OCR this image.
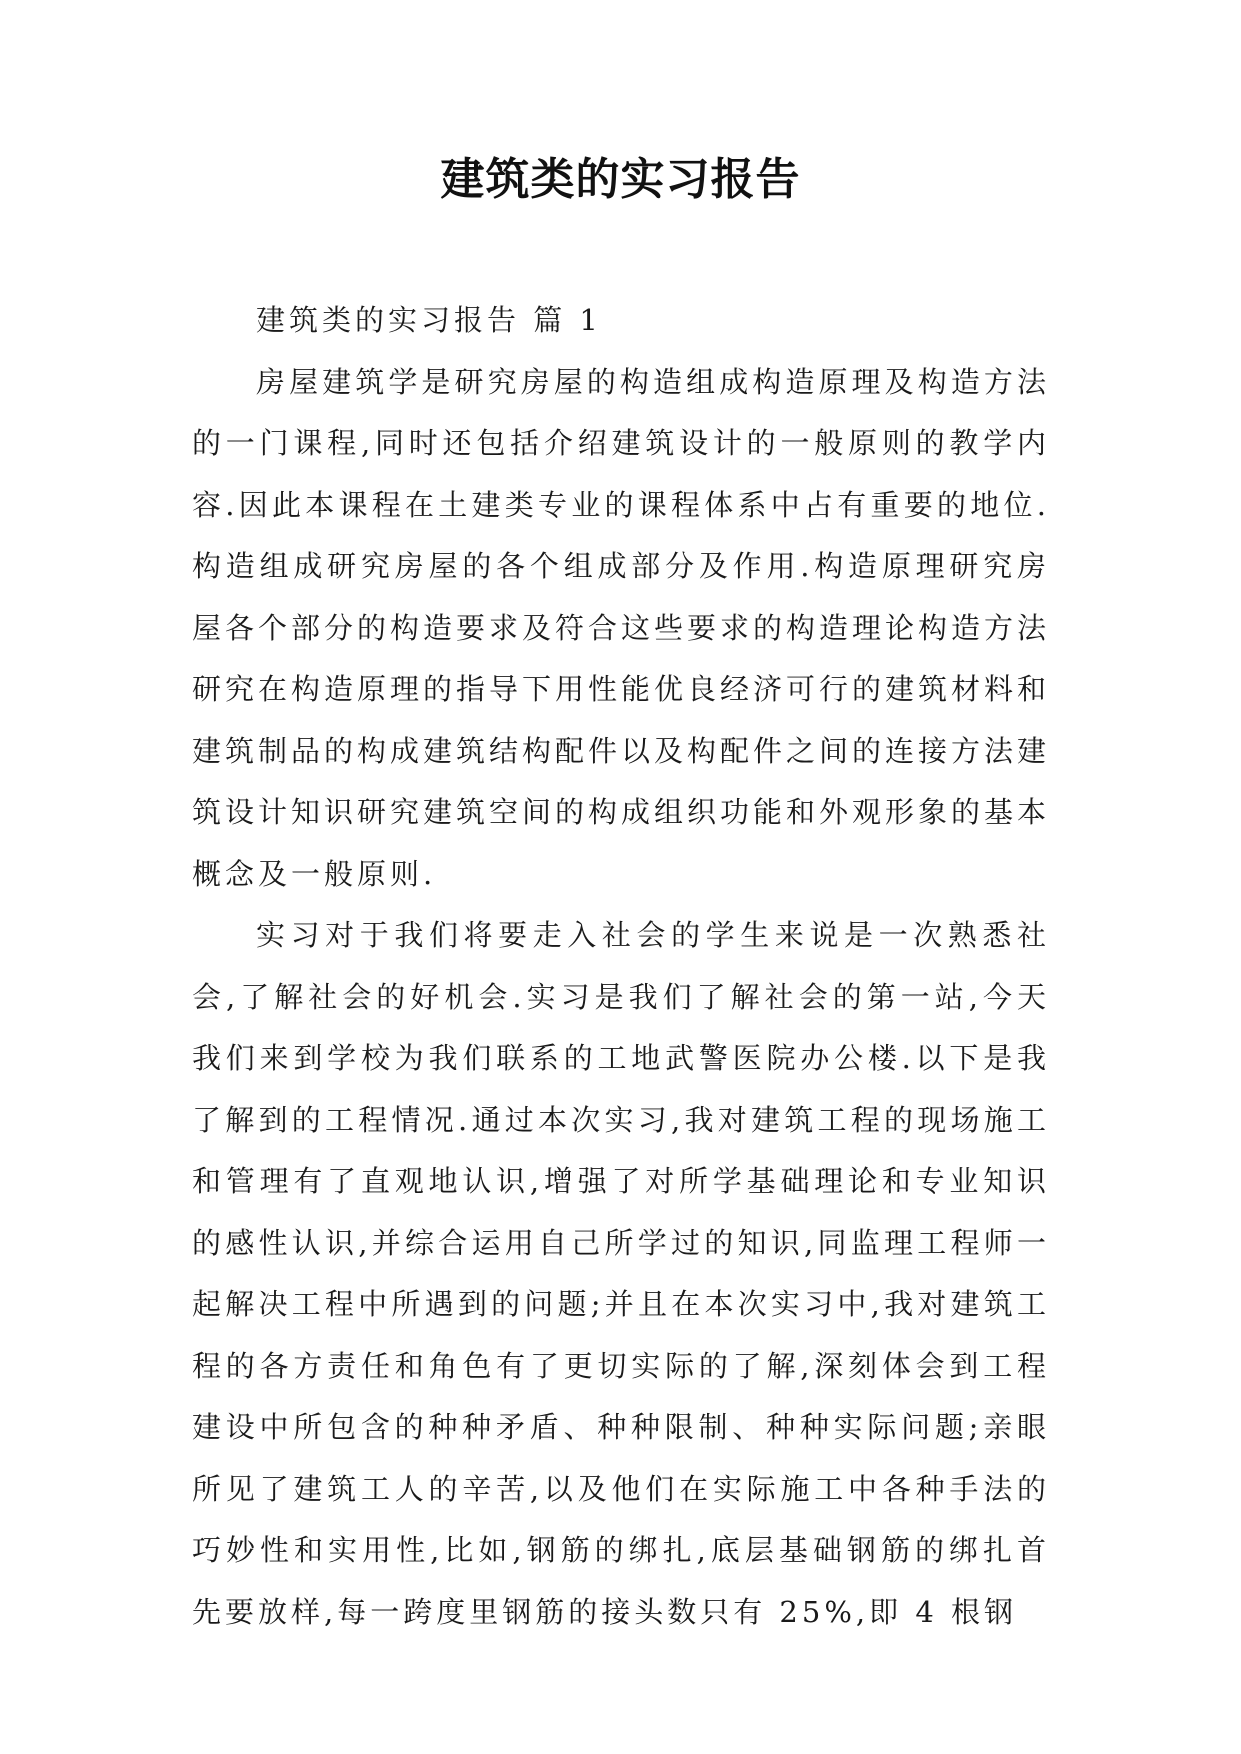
建筑类的实习报告
建筑类的实习报告 篇 1

房屋建筑学是研究房屋的构造组成构造原理及构造方法的一门课程,同时还包括介绍建筑设计的一般原则的教学内容.因此本课程在土建类专业的课程体系中占有重要的地位.构造组成研究房屋的各个组成部分及作用.构造原理研究房屋各个部分的构造要求及符合这些要求的构造理论构造方法研究在构造原理的指导下用性能优良经济可行的建筑材料和建筑制品的构成建筑结构配件以及构配件之间的连接方法建筑设计知识研究建筑空间的构成组织功能和外观形象的基本概念及一般原则.

实习对于我们将要走入社会的学生来说是一次熟悉社会,了解社会的好机会.实习是我们了解社会的第一站,今天我们来到学校为我们联系的工地武警医院办公楼.以下是我了解到的工程情况.通过本次实习,我对建筑工程的现场施工和管理有了直观地认识,增强了对所学基础理论和专业知识的感性认识,并综合运用自己所学过的知识,同监理工程师一起解决工程中所遇到的问题;并且在本次实习中,我对建筑工程的各方责任和角色有了更切实际的了解,深刻体会到工程建设中所包含的种种矛盾、种种限制、种种实际问题;亲眼所见了建筑工人的辛苦,以及他们在实际施工中各种手法的巧妙性和实用性,比如,钢筋的绑扎,底层基础钢筋的绑扎首先要放样,每一跨度里钢筋的接头数只有 25%,即 4 根钢
